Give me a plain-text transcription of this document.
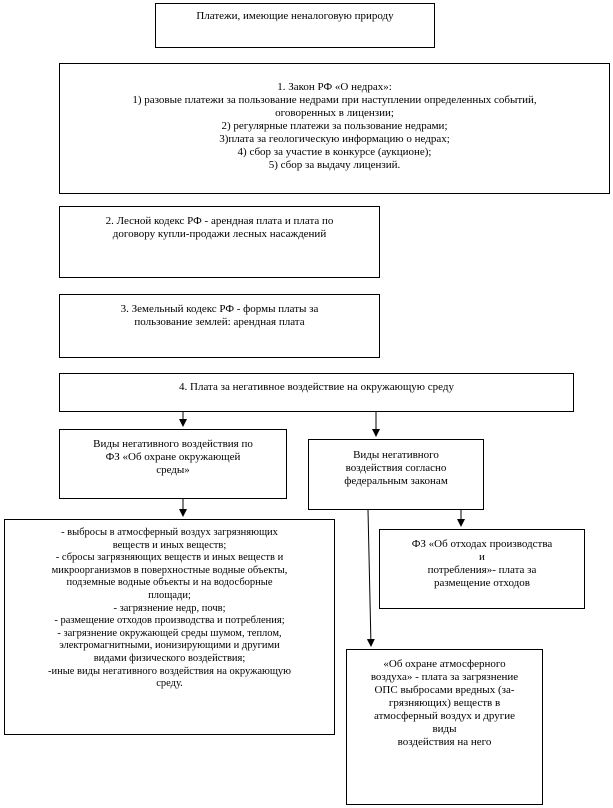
Платежи, имеющие неналоговую природу
1. Закон РФ «О недрах»:
1) разовые платежи за пользование недрами при наступлении определенных событий,
оговоренных в лицензии;
2) регулярные платежи за пользование недрами;
3)плата за геологическую информацию о недрах;
4) сбор за участие в конкурсе (аукционе);
5) сбор за выдачу лицензий.
2. Лесной кодекс РФ - арендная плата и плата по
договору купли-продажи лесных насаждений
3. Земельный кодекс РФ - формы платы за
пользование землей: арендная плата
4. Плата за негативное воздействие на окружающую среду
Виды негативного воздействия по
ФЗ «Об охране окружающей
среды»
Виды негативного
воздействия согласно
федеральным законам
- выбросы в атмосферный воздух загрязняющих
веществ и иных веществ;
- сбросы загрязняющих веществ и иных веществ и
микроорганизмов в поверхностные водные объекты,
подземные водные объекты и на водосборные
площади;
- загрязнение недр, почв;
- размещение отходов производства и потребления;
- загрязнение окружающей среды шумом, теплом,
электромагнитными, ионизирующими и другими
видами физического воздействия;
-иные виды негативного воздействия на окружающую
среду.
ФЗ «Об отходах производства
и
потребления»- плата за
размещение отходов
«Об охране атмосферного
воздуха» - плата за загрязнение
ОПС выбросами вредных (за-
грязняющих) веществ в
атмосферный воздух и другие
виды
воздействия на него
